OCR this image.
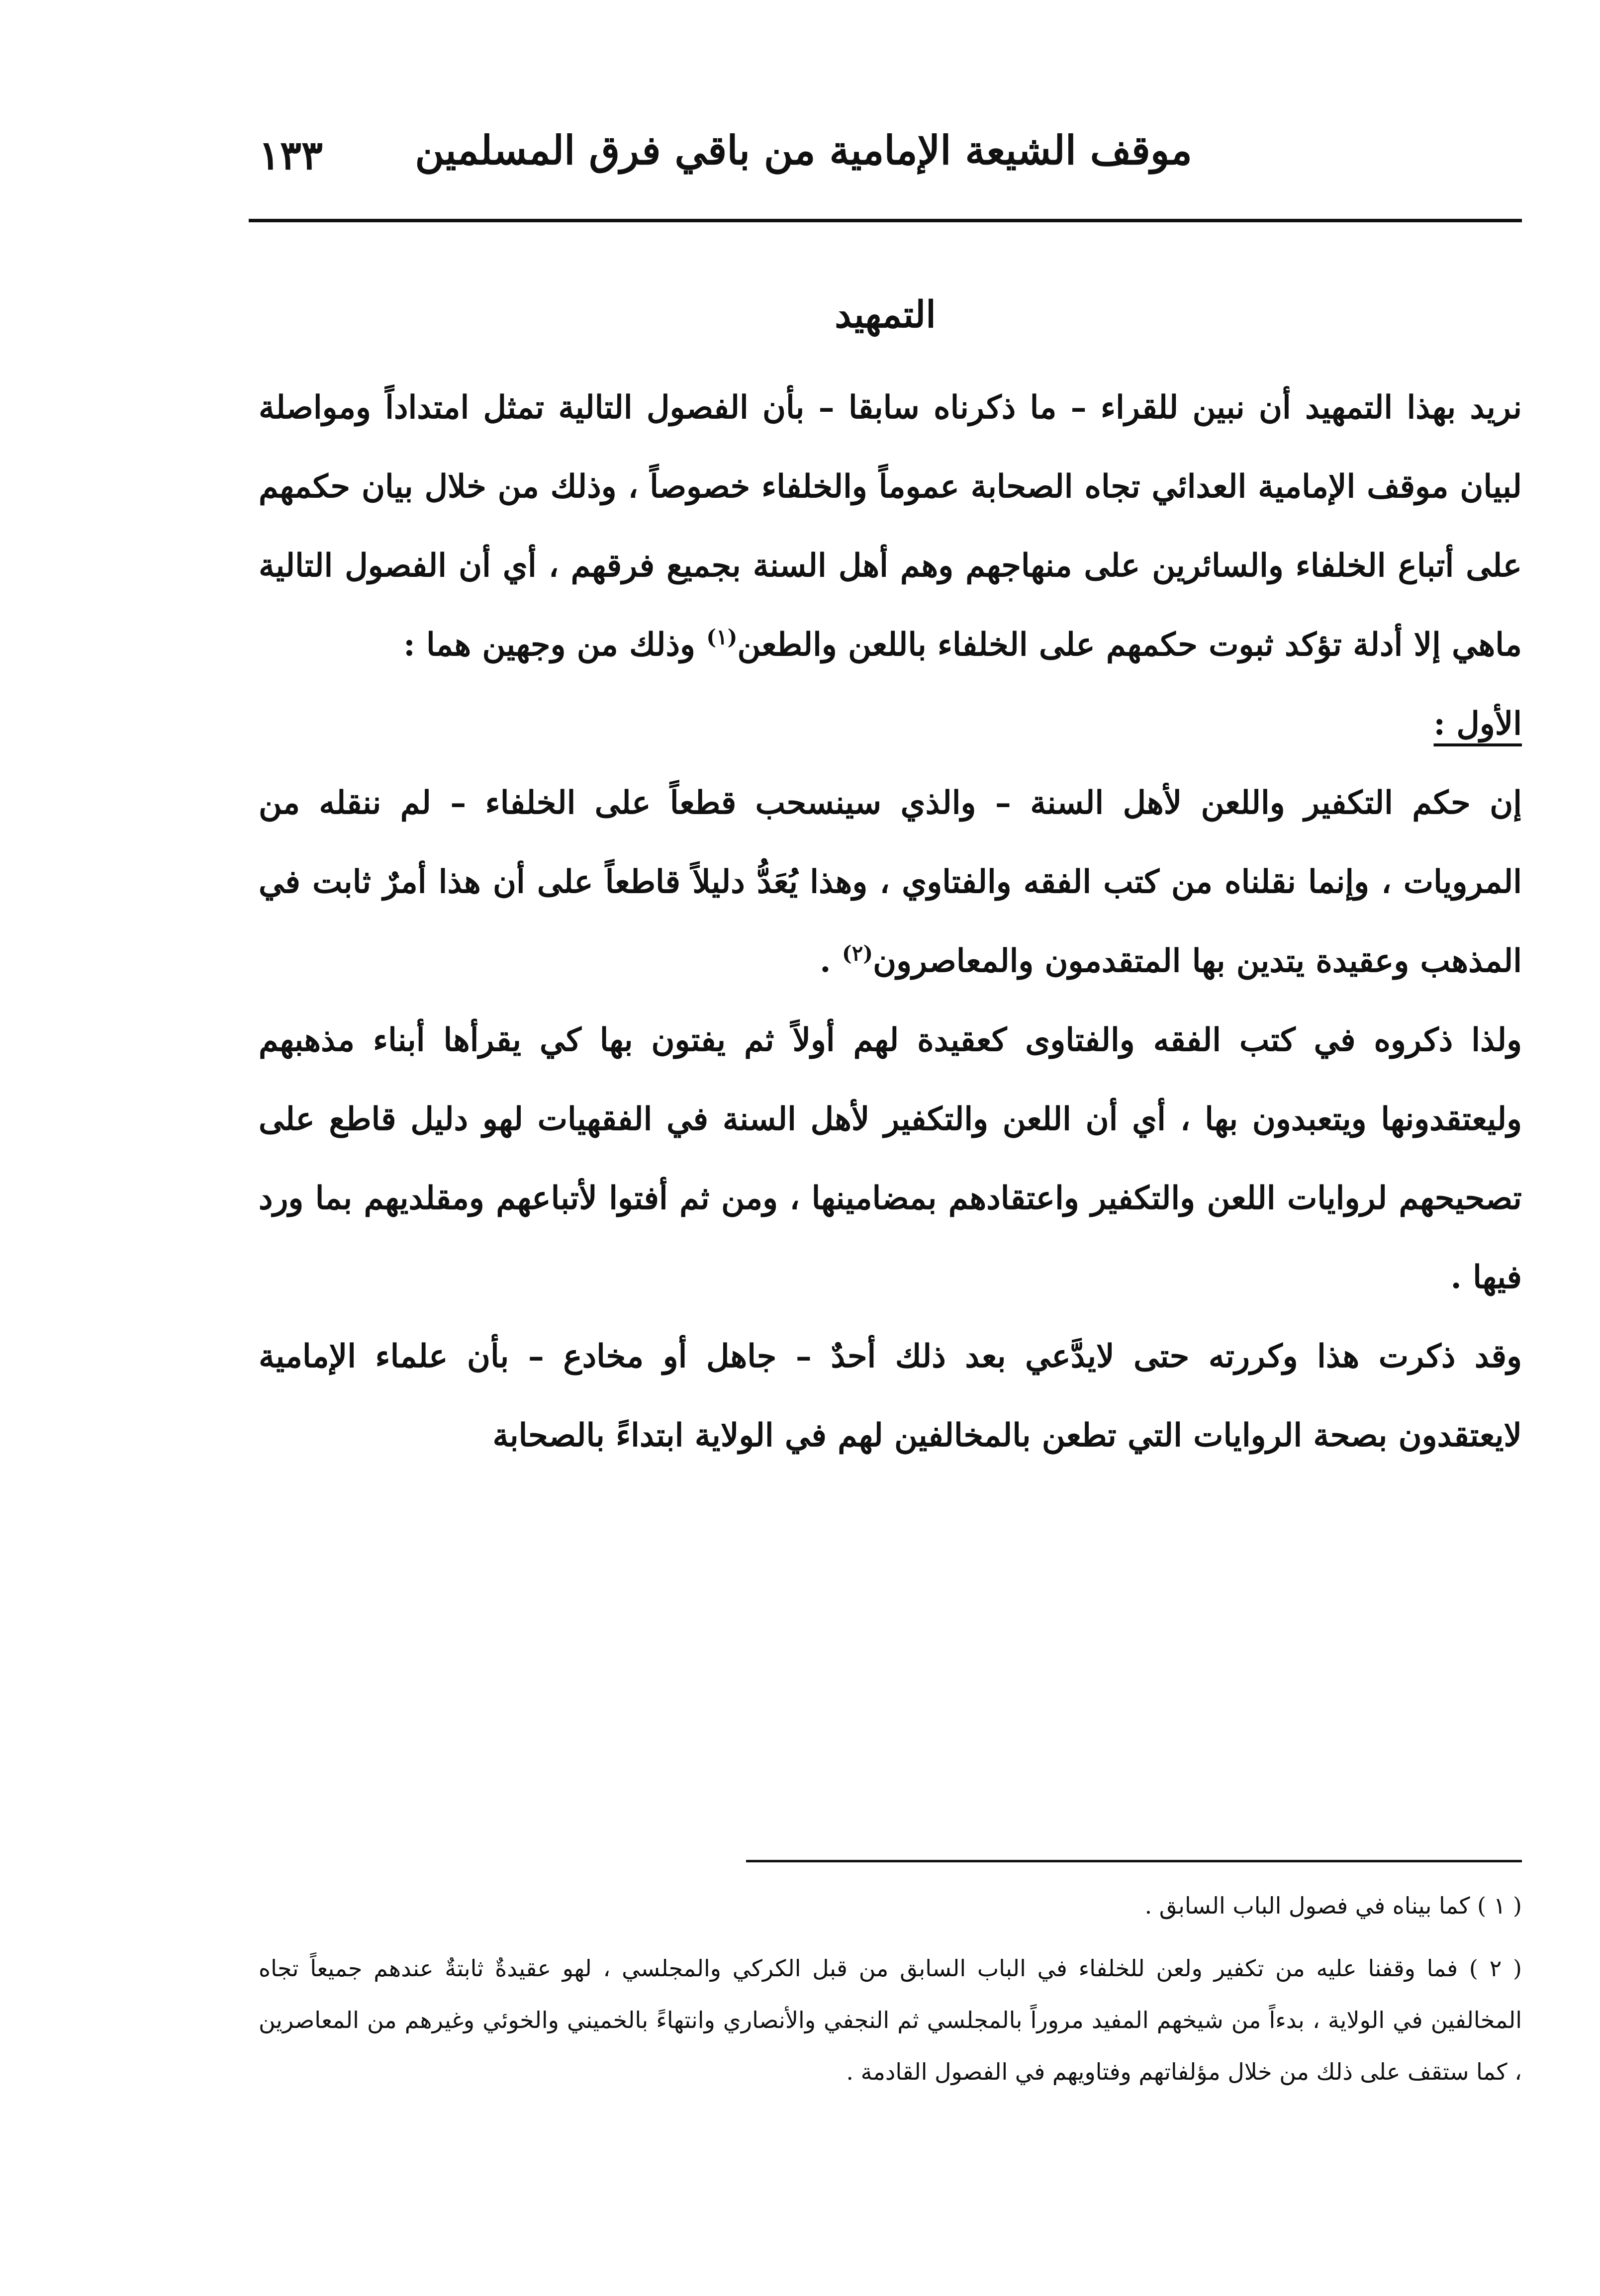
موقف الشيعة الإمامية من باقي فرق المسلمين
١٣٣
التمهيد

نريد بهذا التمهيد أن نبين للقراء – ما ذكرناه سابقا – بأن الفصول التالية تمثل امتداداً ومواصلة لبيان موقف الإمامية العدائي تجاه الصحابة عموماً والخلفاء خصوصاً ، وذلك من خلال بيان حكمهم على أتباع الخلفاء والسائرين على منهاجهم وهم أهل السنة بجميع فرقهم ، أي أن الفصول التالية ماهي إلا أدلة تؤكد ثبوت حكمهم على الخلفاء باللعن والطعن$^{(١)}$ وذلك من وجهين هما :

الأول :

إن حكم التكفير واللعن لأهل السنة – والذي سينسحب قطعاً على الخلفاء – لم ننقله من المرويات ، وإنما نقلناه من كتب الفقه والفتاوي ، وهذا يُعَدُّ دليلاً قاطعاً على أن هذا أمرٌ ثابت في المذهب وعقيدة يتدين بها المتقدمون والمعاصرون$^{(٢)}$ .

ولذا ذكروه في كتب الفقه والفتاوى كعقيدة لهم أولاً ثم يفتون بها كي يقرأها أبناء مذهبهم وليعتقدونها ويتعبدون بها ، أي أن اللعن والتكفير لأهل السنة في الفقهيات لهو دليل قاطع على تصحيحهم لروايات اللعن والتكفير واعتقادهم بمضامينها ، ومن ثم أفتوا لأتباعهم ومقلديهم بما ورد فيها .

وقد ذكرت هذا وكررته حتى لايدَّعي بعد ذلك أحدٌ – جاهل أو مخادع – بأن علماء الإمامية لايعتقدون بصحة الروايات التي تطعن بالمخالفين لهم في الولاية ابتداءً بالصحابة

( ١ ) كما بيناه في فصول الباب السابق .

( ٢ ) فما وقفنا عليه من تكفير ولعن للخلفاء في الباب السابق من قبل الكركي والمجلسي ، لهو عقيدةٌ ثابتةٌ عندهم جميعاً تجاه المخالفين في الولاية ، بدءاً من شيخهم المفيد مروراً بالمجلسي ثم النجفي والأنصاري وانتهاءً بالخميني والخوئي وغيرهم من المعاصرين ، كما ستقف على ذلك من خلال مؤلفاتهم وفتاويهم في الفصول القادمة .
